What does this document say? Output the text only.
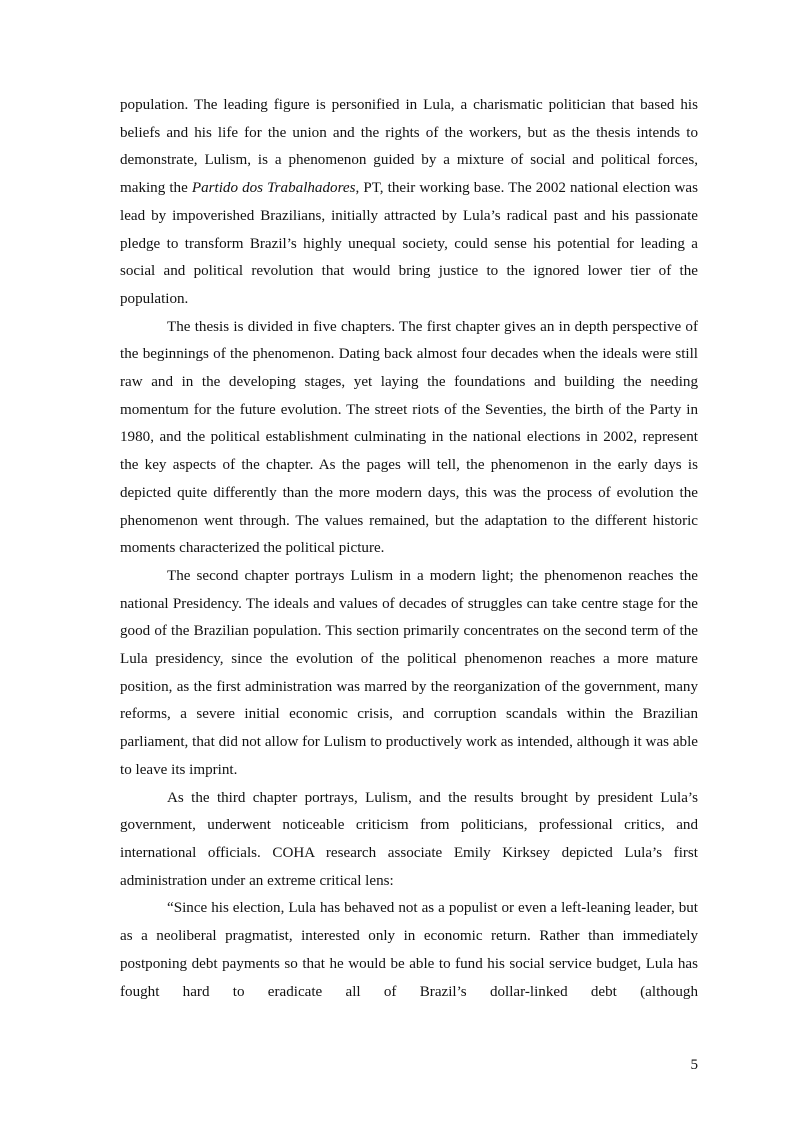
population. The leading figure is personified in Lula, a charismatic politician that based his beliefs and his life for the union and the rights of the workers, but as the thesis intends to demonstrate, Lulism, is a phenomenon guided by a mixture of social and political forces, making the Partido dos Trabalhadores, PT, their working base. The 2002 national election was lead by impoverished Brazilians, initially attracted by Lula’s radical past and his passionate pledge to transform Brazil’s highly unequal society, could sense his potential for leading a social and political revolution that would bring justice to the ignored lower tier of the population.

The thesis is divided in five chapters. The first chapter gives an in depth perspective of the beginnings of the phenomenon. Dating back almost four decades when the ideals were still raw and in the developing stages, yet laying the foundations and building the needing momentum for the future evolution. The street riots of the Seventies, the birth of the Party in 1980, and the political establishment culminating in the national elections in 2002, represent the key aspects of the chapter. As the pages will tell, the phenomenon in the early days is depicted quite differently than the more modern days, this was the process of evolution the phenomenon went through. The values remained, but the adaptation to the different historic moments characterized the political picture.

The second chapter portrays Lulism in a modern light; the phenomenon reaches the national Presidency. The ideals and values of decades of struggles can take centre stage for the good of the Brazilian population. This section primarily concentrates on the second term of the Lula presidency, since the evolution of the political phenomenon reaches a more mature position, as the first administration was marred by the reorganization of the government, many reforms, a severe initial economic crisis, and corruption scandals within the Brazilian parliament, that did not allow for Lulism to productively work as intended, although it was able to leave its imprint.

As the third chapter portrays, Lulism, and the results brought by president Lula’s government, underwent noticeable criticism from politicians, professional critics, and international officials. COHA research associate Emily Kirksey depicted Lula’s first administration under an extreme critical lens:

“Since his election, Lula has behaved not as a populist or even a left-leaning leader, but as a neoliberal pragmatist, interested only in economic return. Rather than immediately postponing debt payments so that he would be able to fund his social service budget, Lula has fought hard to eradicate all of Brazil’s dollar-linked debt (although

5
